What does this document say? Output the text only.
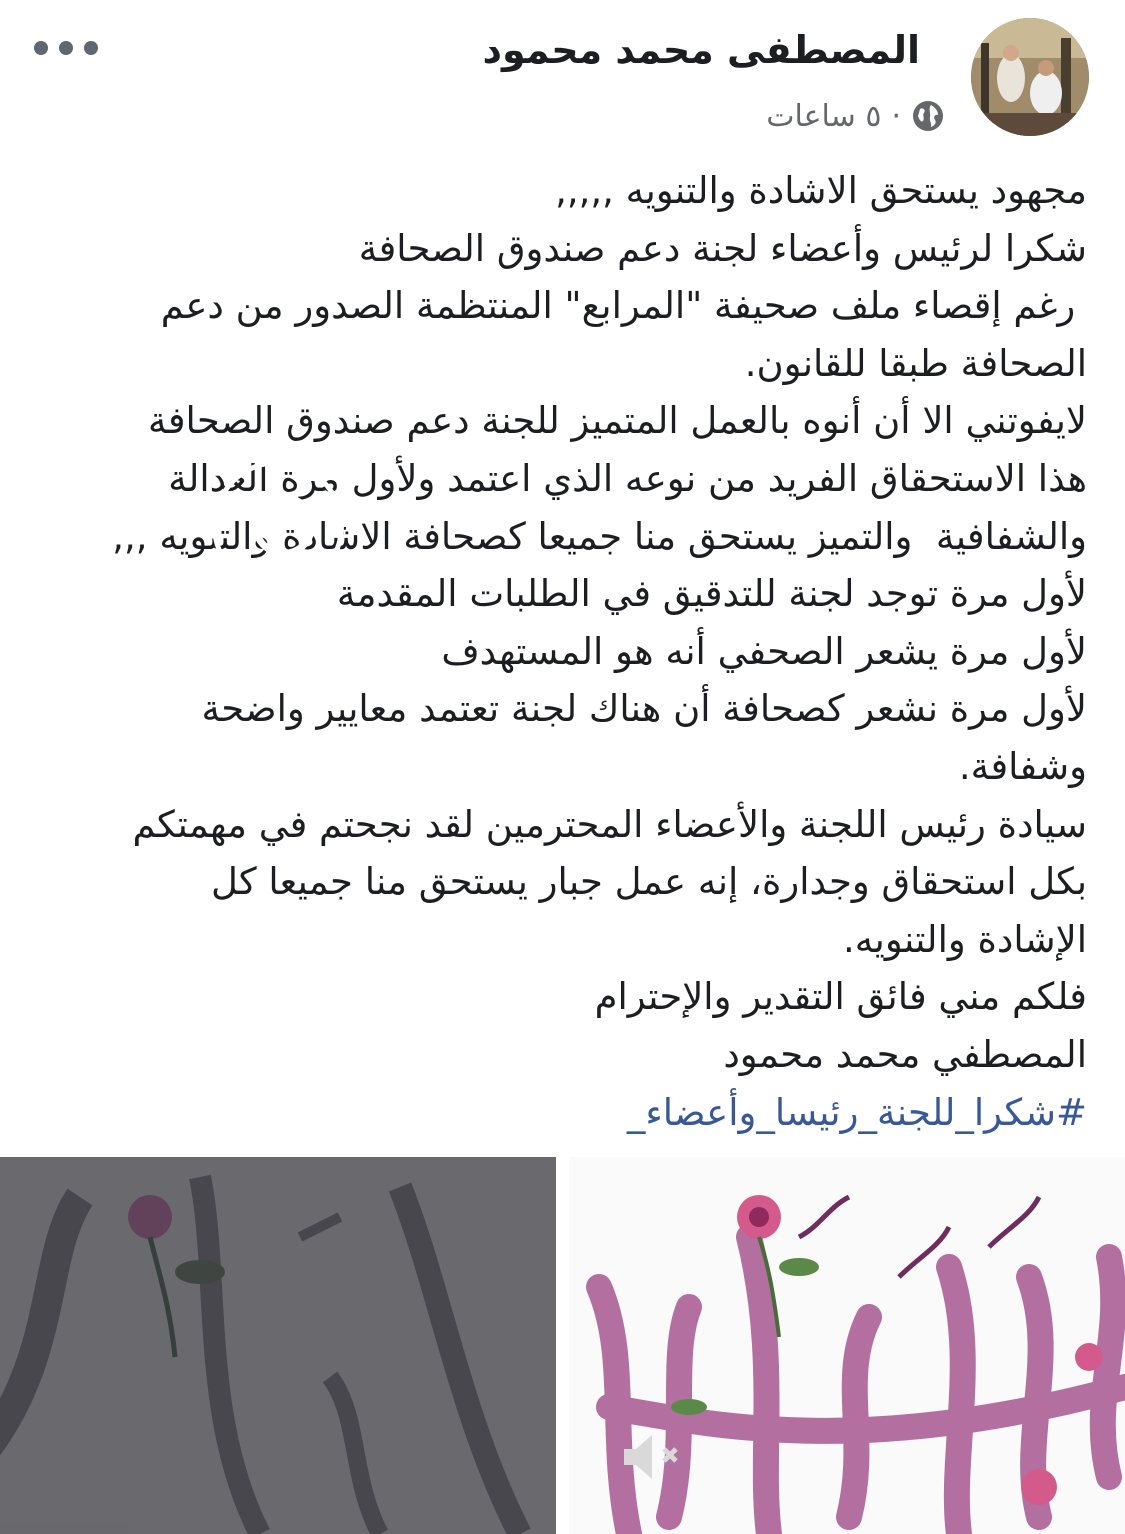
المصطفى محمد محمود
٥ ساعات ·
مجهود يستحق الاشادة والتنويه ,,,,,
شكرا لرئيس وأعضاء لجنة دعم صندوق الصحافة
رغم إقصاء ملف صحيفة "المرابع" المنتظمة الصدور من دعم
الصحافة طبقا للقانون.
لايفوتني الا أن أنوه بالعمل المتميز للجنة دعم صندوق الصحافة
هذا الاستحقاق الفريد من نوعه الذي اعتمد ولأول مرة العدالة
والشفافية  والتميز يستحق منا جميعا كصحافة الاشادة والتنويه ,,,
لأول مرة توجد لجنة للتدقيق في الطلبات المقدمة
لأول مرة يشعر الصحفي أنه هو المستهدف
لأول مرة نشعر كصحافة أن هناك لجنة تعتمد معايير واضحة
وشفافة.
سيادة رئيس اللجنة والأعضاء المحترمين لقد نجحتم في مهمتكم
بكل استحقاق وجدارة، إنه عمل جبار يستحق منا جميعا كل
الإشادة والتنويه.
فلكم مني فائق التقدير والإحترام
المصطفي محمد محمود
#شكرا_للجنة_رئيسا_وأعضاء_
مشاهدة مرة
